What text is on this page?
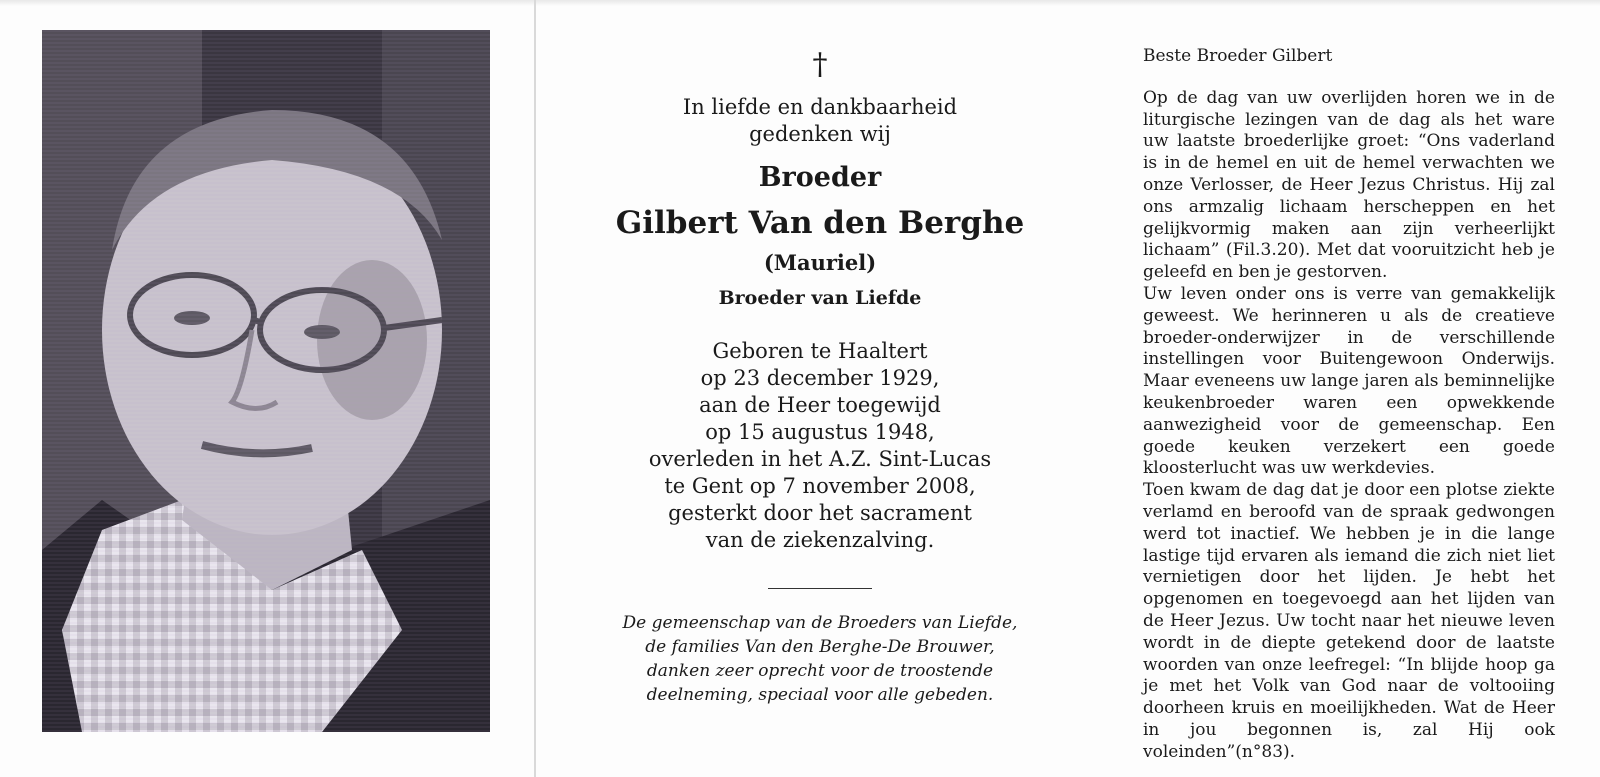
†
In liefde en dankbaarheid
gedenken wij
Broeder
Gilbert Van den Berghe
(Mauriel)
Broeder van Liefde
Geboren te Haaltert
op 23 december 1929,
aan de Heer toegewijd
op 15 augustus 1948,
overleden in het A.Z. Sint-Lucas
te Gent op 7 november 2008,
gesterkt door het sacrament
van de ziekenzalving.
De gemeenschap van de Broeders van Liefde,
de families Van den Berghe-De Brouwer,
danken zeer oprecht voor de troostende
deelneming, speciaal voor alle gebeden.
Beste Broeder Gilbert
Op de dag van uw overlijden horen we in de liturgische lezingen van de dag als het ware uw laatste broederlijke groet: “Ons vaderland is in de hemel en uit de hemel verwachten we onze Verlosser, de Heer Jezus Christus. Hij zal ons armzalig lichaam herscheppen en het gelijkvormig maken aan zijn verheerlijkt lichaam” (Fil.3.20). Met dat vooruitzicht heb je geleefd en ben je gestorven.
Uw leven onder ons is verre van gemakkelijk geweest. We herinneren u als de creatieve broeder-onderwijzer in de verschillende instellingen voor Buitengewoon Onderwijs. Maar eveneens uw lange jaren als beminnelijke keukenbroeder waren een opwekkende aanwezigheid voor de gemeenschap. Een goede keuken verzekert een goede kloosterlucht was uw werkdevies.
Toen kwam de dag dat je door een plotse ziekte verlamd en beroofd van de spraak gedwongen werd tot inactief. We hebben je in die lange lastige tijd ervaren als iemand die zich niet liet vernietigen door het lijden. Je hebt het opgenomen en toegevoegd aan het lijden van de Heer Jezus. Uw tocht naar het nieuwe leven wordt in de diepte getekend door de laatste woorden van onze leefregel: “In blijde hoop ga je met het Volk van God naar de voltooiing doorheen kruis en moeilijkheden. Wat de Heer in jou begonnen is, zal Hij ook voleinden”(n°83).
